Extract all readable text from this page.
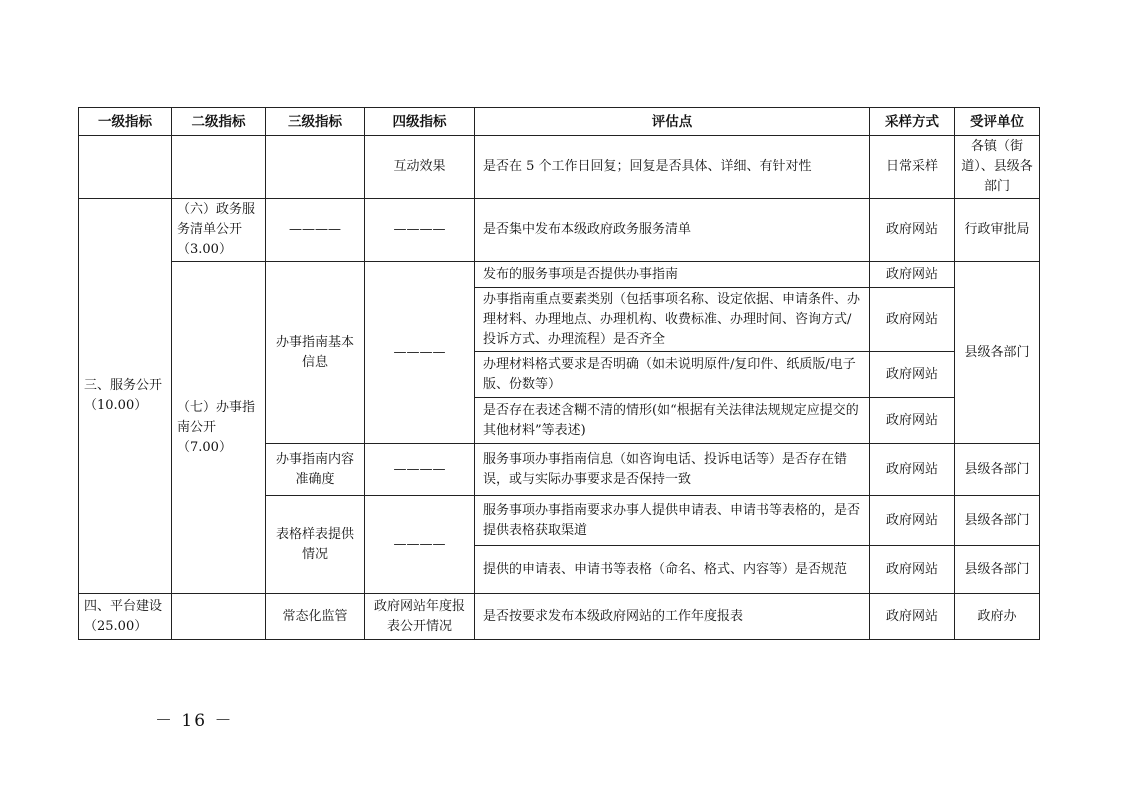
一级指标	二级指标	三级指标	四级指标	评估点	采样方式	受评单位
			互动效果	是否在 5 个工作日回复；回复是否具体、详细、有针对性	日常采样	各镇（街道）、县级各部门
三、服务公开（10.00）	（六）政务服务清单公开（3.00）	————	————	是否集中发布本级政府政务服务清单	政府网站	行政审批局
	（七）办事指南公开（7.00）	办事指南基本信息	————	发布的服务事项是否提供办事指南	政府网站	县级各部门
				办事指南重点要素类别（包括事项名称、设定依据、申请条件、办理材料、办理地点、办理机构、收费标准、办理时间、咨询方式/投诉方式、办理流程）是否齐全	政府网站	
				办理材料格式要求是否明确（如未说明原件/复印件、纸质版/电子版、份数等）	政府网站	
				是否存在表述含糊不清的情形(如“根据有关法律法规规定应提交的其他材料”等表述)	政府网站	
		办事指南内容准确度	————	服务事项办事指南信息（如咨询电话、投诉电话等）是否存在错误，或与实际办事要求是否保持一致	政府网站	县级各部门
		表格样表提供情况	————	服务事项办事指南要求办事人提供申请表、申请书等表格的，是否提供表格获取渠道	政府网站	县级各部门
				提供的申请表、申请书等表格（命名、格式、内容等）是否规范	政府网站	县级各部门
四、平台建设（25.00）		常态化监管	政府网站年度报表公开情况	是否按要求发布本级政府网站的工作年度报表	政府网站	政府办
－ 16 －
